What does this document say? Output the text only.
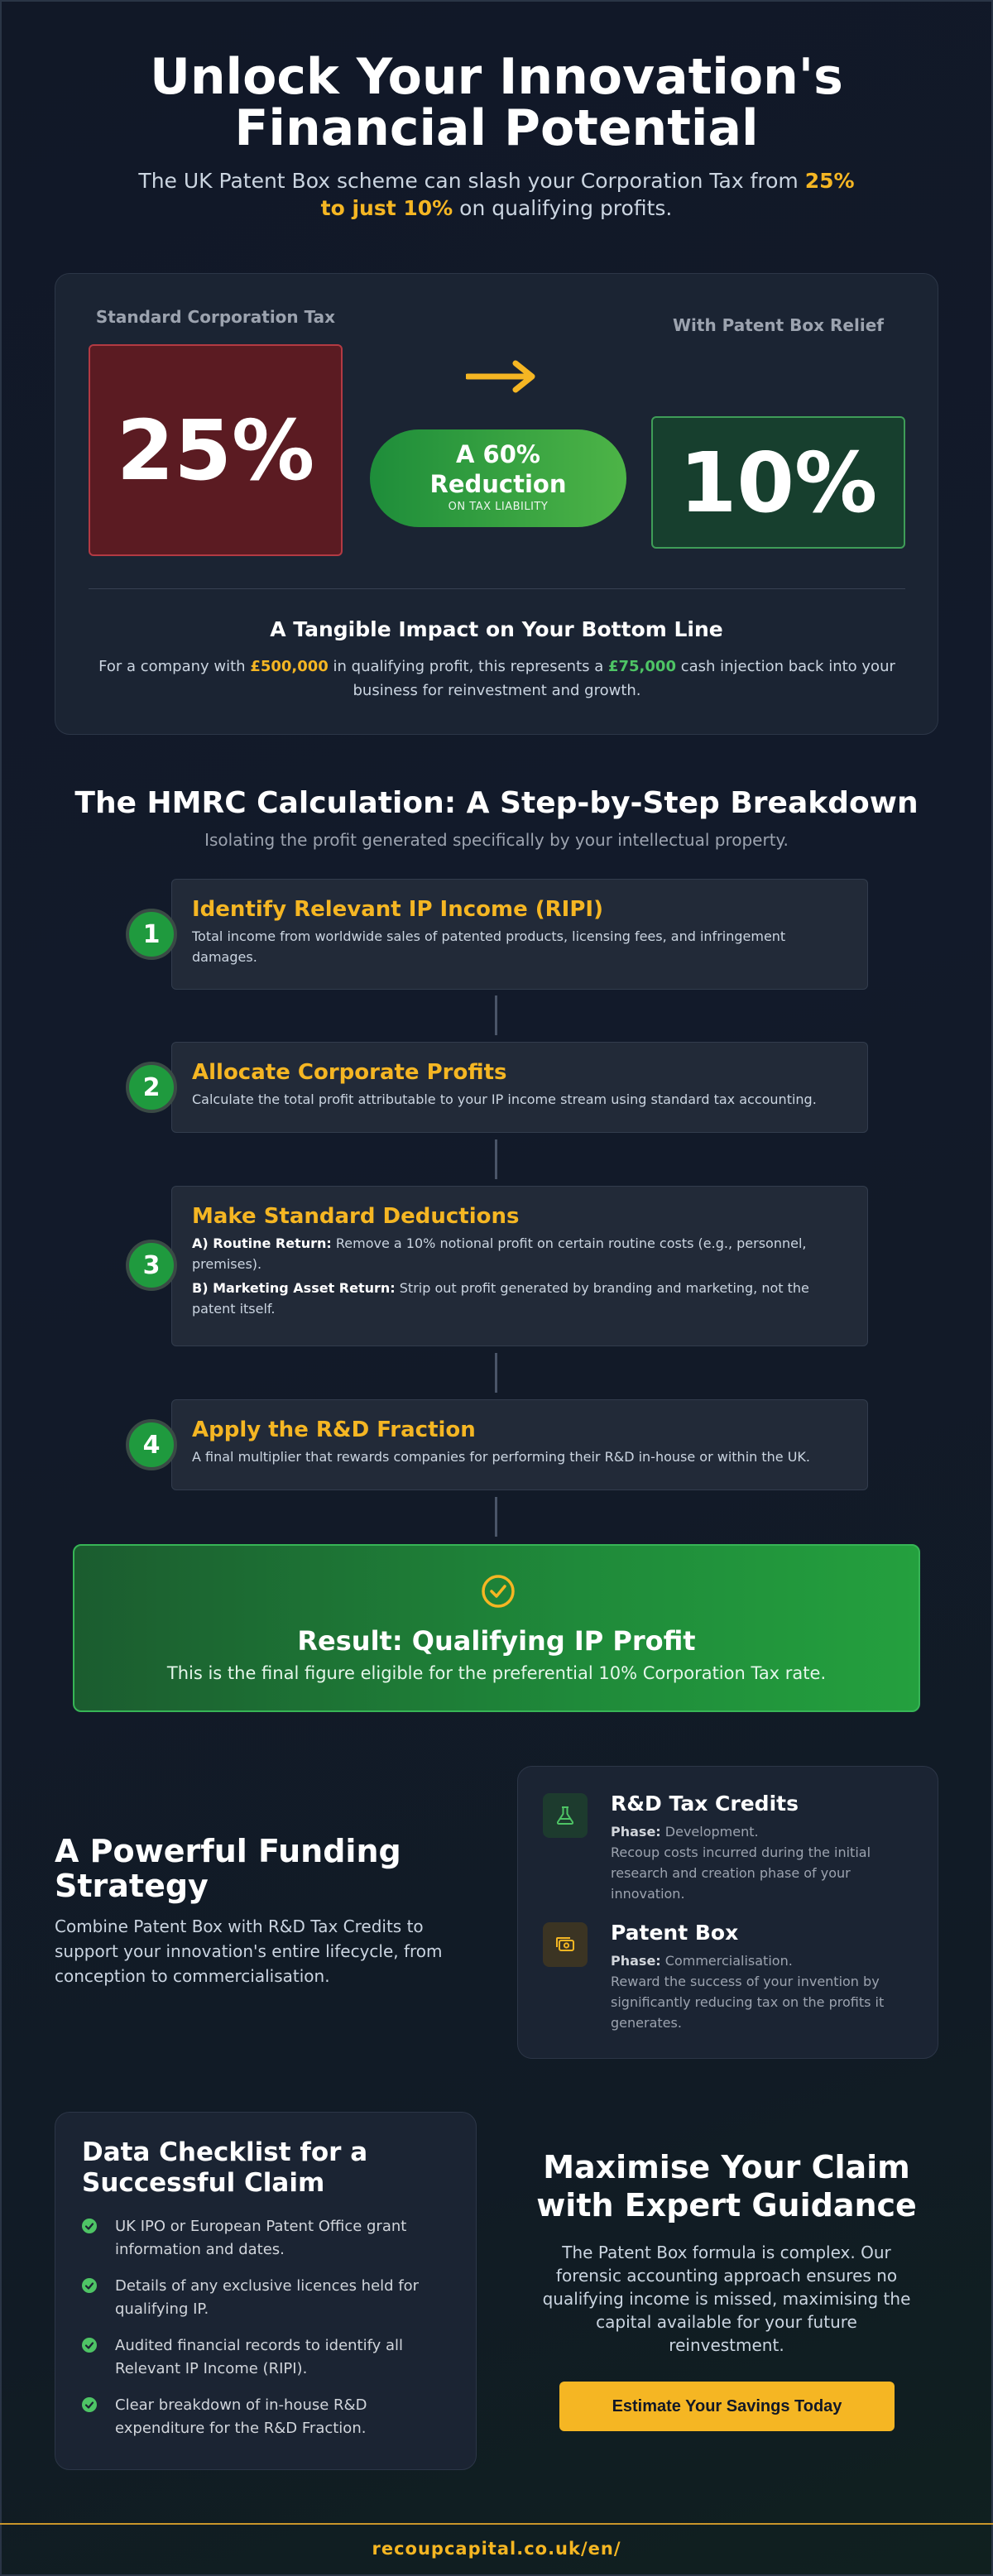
Unlock Your Innovation's
Financial Potential

The UK Patent Box scheme can slash your Corporation Tax from 25% to just 10% on qualifying profits.

Standard Corporation Tax
25%	A 60%
Reduction
ON TAX LIABILITY
With Patent Box Relief
10%
A Tangible Impact on Your Bottom Line
For a company with £500,000 in qualifying profit, this represents a £75,000 cash injection back into your business for reinvestment and growth.
The HMRC Calculation: A Step-by-Step Breakdown
Isolating the profit generated specifically by your intellectual property.
Identify Relevant IP Income (RIPI)

Total income from worldwide sales of patented products, licensing fees, and infringement damages.

1
Allocate Corporate Profits

Calculate the total profit attributable to your IP income stream using standard tax accounting.

2
Make Standard Deductions

A) Routine Return: Remove a 10% notional profit on certain routine costs (e.g., personnel, premises).

B) Marketing Asset Return: Strip out profit generated by branding and marketing, not the patent itself.

3
Apply the R&D Fraction

A final multiplier that rewards companies for performing their R&D in-house or within the UK.

4
Result: Qualifying IP Profit

This is the final figure eligible for the preferential 10% Corporation Tax rate.

A Powerful Funding Strategy
Combine Patent Box with R&D Tax Credits to support your innovation's entire lifecycle, from conception to commercialisation.
R&D Tax Credits
Phase: Development.
Recoup costs incurred during the initial research and creation phase of your innovation.
Patent Box
Phase: Commercialisation.
Reward the success of your invention by significantly reducing tax on the profits it generates.
Data Checklist for a Successful Claim
UK IPO or European Patent Office grant information and dates.
Details of any exclusive licences held for qualifying IP.
Audited financial records to identify all Relevant IP Income (RIPI).
Clear breakdown of in-house R&D expenditure for the R&D Fraction.
Maximise Your Claim with Expert Guidance
The Patent Box formula is complex. Our forensic accounting approach ensures no qualifying income is missed, maximising the capital available for your future reinvestment.
Estimate Your Savings Today
recoupcapital.co.uk/en/
